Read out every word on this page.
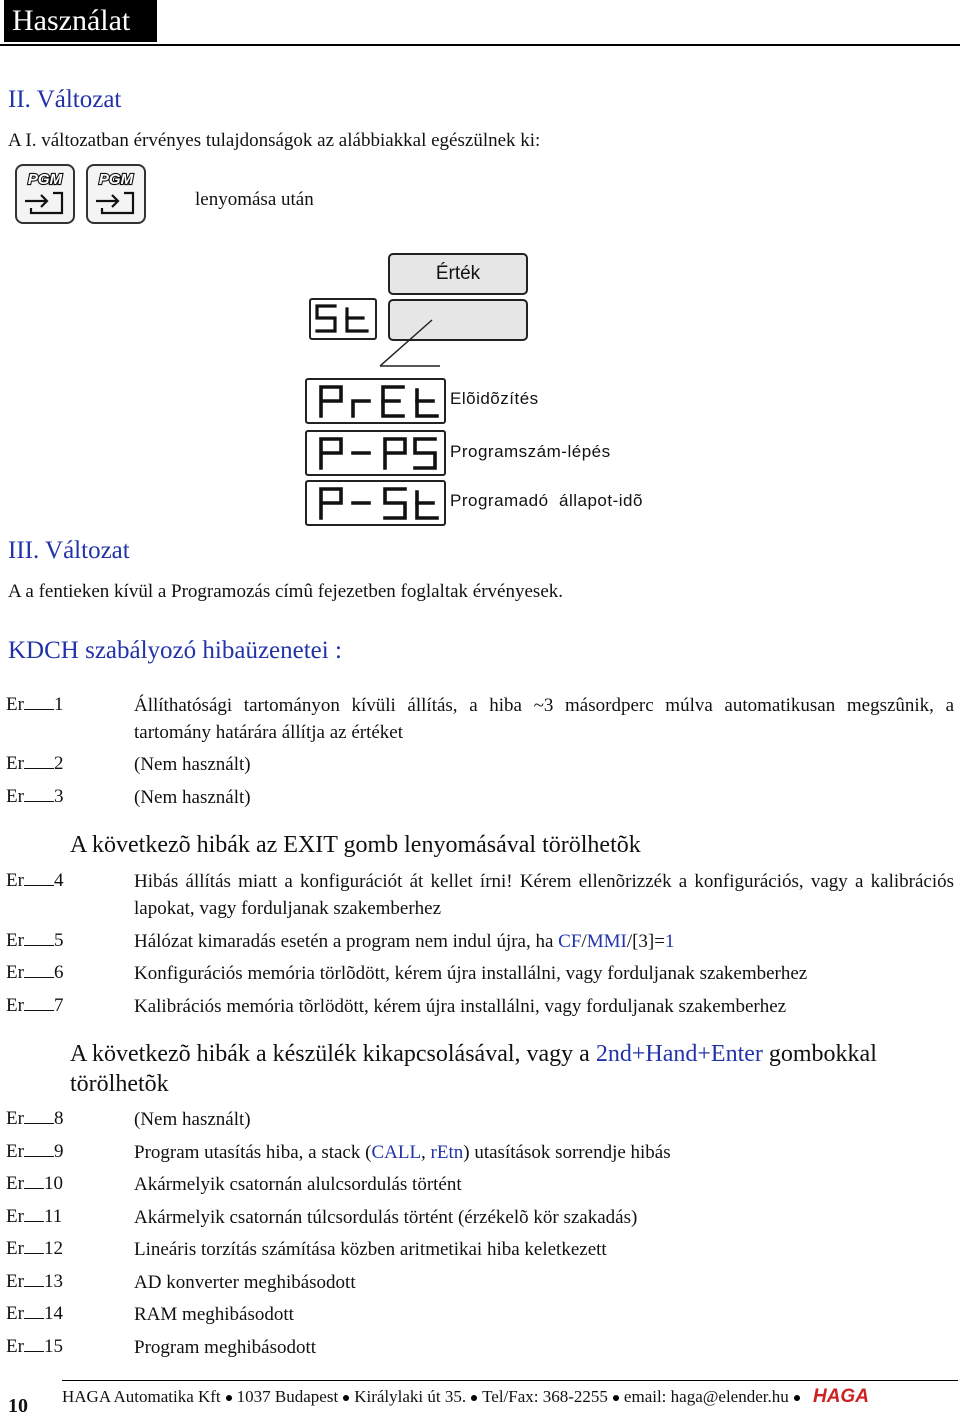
Használat
II. Változat
A I. változatban érvényes tulajdonságok az alábbiakkal egészülnek ki:
PGM PGM
lenyomása után
Érték
Elõidõzítés
Programszám-lépés
Programadó  állapot-idõ
III. Változat
A a fentieken kívül a Programozás címû fejezetben foglaltak érvényesek.
KDCH szabályozó hibaüzenetei :
Er 1	Állíthatósági tartományon kívüli állítás, a hiba ~3 másordperc múlva automatikusan megszûnik, a tartomány határára állítja az értéket
Er 2	(Nem használt)
Er 3	(Nem használt)
A következõ hibák az EXIT gomb lenyomásával törölhetõk
Er 4	Hibás állítás miatt a konfigurációt át kellet írni! Kérem ellenõrizzék a konfigurációs, vagy a kalibrációs lapokat, vagy forduljanak szakemberhez
Er 5	Hálózat kimaradás esetén a program nem indul újra, ha CF/MMI/[3]=1
Er 6	Konfigurációs memória törlõdött, kérem újra installálni, vagy forduljanak szakemberhez
Er 7	Kalibrációs memória tõrlödött, kérem újra installálni, vagy forduljanak szakemberhez
A következõ hibák a készülék kikapcsolásával, vagy a 2nd+Hand+Enter gombokkal törölhetõk
Er 8	(Nem használt)
Er 9	Program utasítás hiba, a stack (CALL, rEtn) utasítások sorrendje hibás
Er 10	Akármelyik csatornán alulcsordulás történt
Er 11	Akármelyik csatornán túlcsordulás történt (érzékelõ kör szakadás)
Er 12	Lineáris torzítás számítása közben aritmetikai hiba keletkezett
Er 13	AD konverter meghibásodott
Er 14	RAM meghibásodott
Er 15	Program meghibásodott
10 HAGA Automatika Kft 1037 Budapest Királylaki út 35. Tel/Fax: 368-2255 email: haga@elender.hu HAGA
